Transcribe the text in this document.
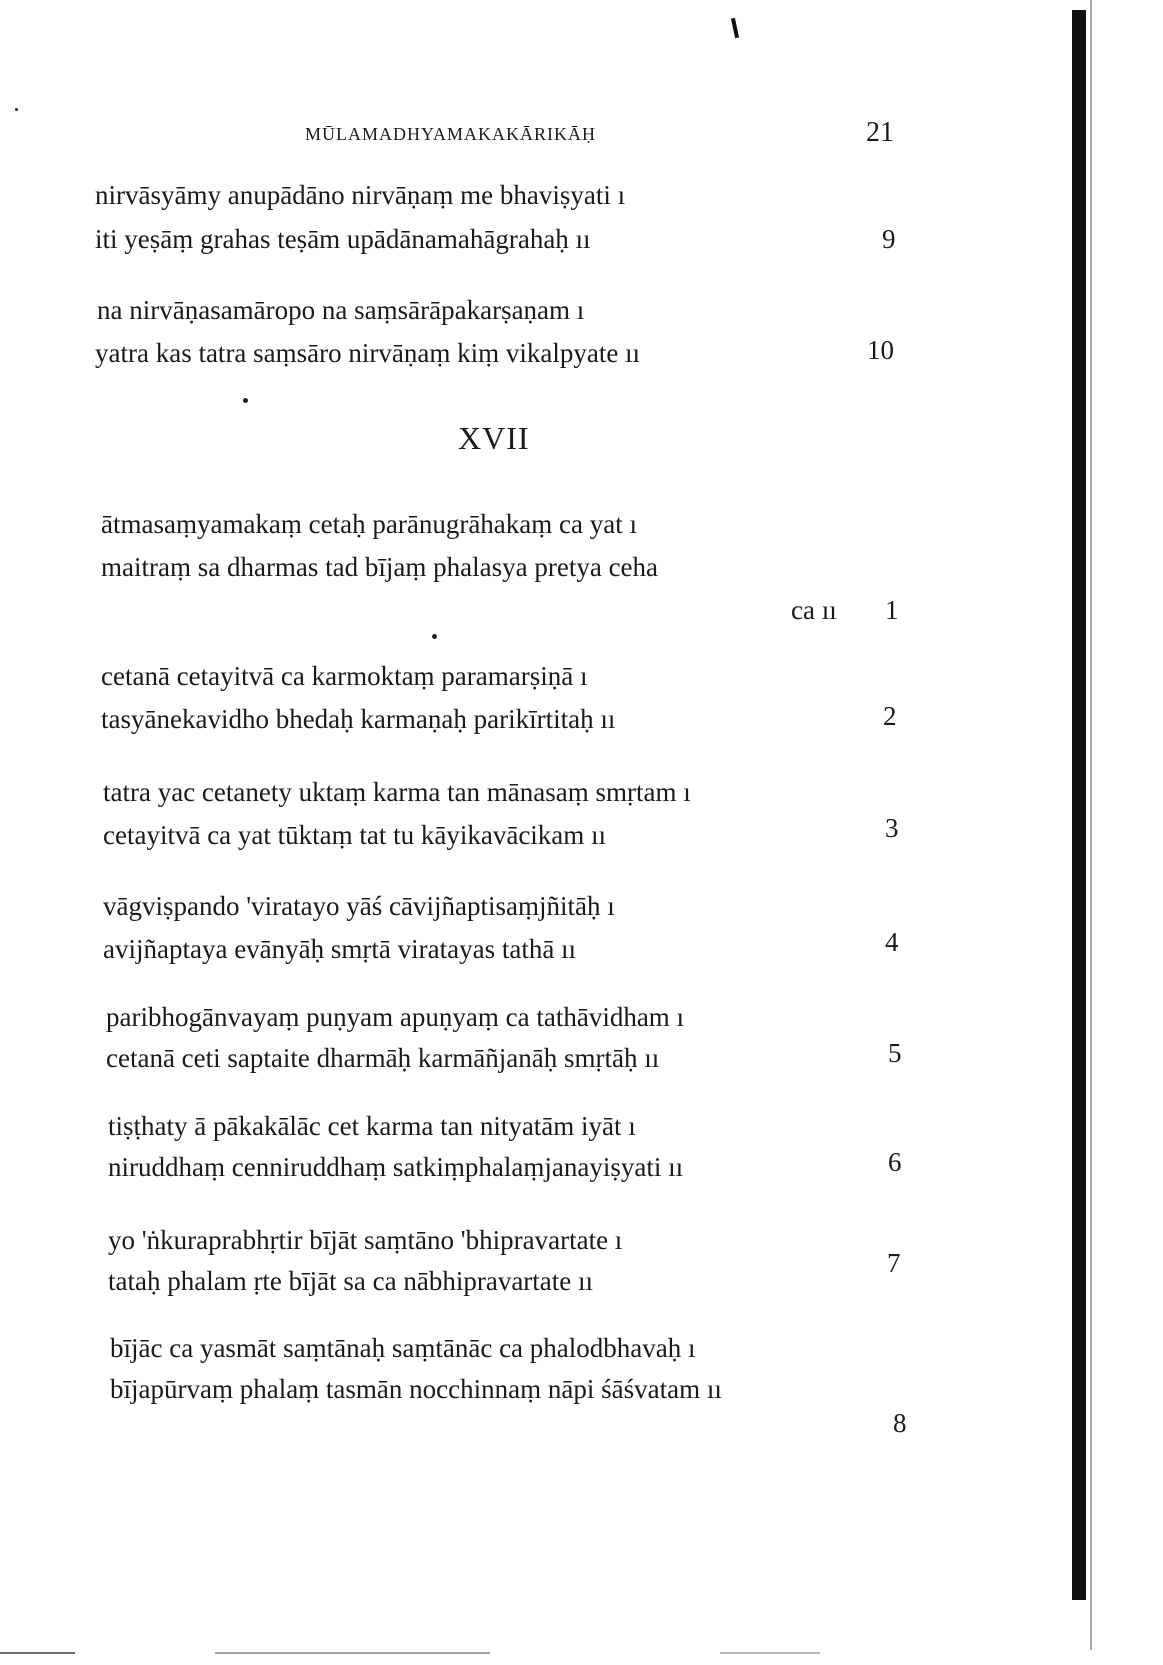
MŪLAMADHYAMAKAKĀRIKĀḤ	21
nirvāsyāmy anupādāno nirvāṇaṃ me bhaviṣyati ı
iti yeṣāṃ grahas teṣām upādānamahāgrahaḥ ıı	9
na nirvāṇasamāropo na saṃsārāpakarṣaṇam ı
yatra kas tatra saṃsāro nirvāṇaṃ kiṃ vikalpyate ıı	10
XVII
ātmasaṃyamakaṃ cetaḥ parānugrāhakaṃ ca yat ı
maitraṃ sa dharmas tad bījaṃ phalasya pretya ceha
ca ıı 1
cetanā cetayitvā ca karmoktaṃ paramarṣiṇā ı
tasyānekavidho bhedaḥ karmaṇaḥ parikīrtitaḥ ıı	2
tatra yac cetanety uktaṃ karma tan mānasaṃ smṛtam ı
cetayitvā ca yat tūktaṃ tat tu kāyikavācikam ıı	3
vāgviṣpando 'viratayo yāś cāvijñaptisaṃjñitāḥ ı
avijñaptaya evānyāḥ smṛtā viratayas tathā ıı	4
paribhogānvayaṃ puṇyam apuṇyaṃ ca tathāvidham ı
cetanā ceti saptaite dharmāḥ karmāñjanāḥ smṛtāḥ ıı	5
tiṣṭhaty ā pākakālāc cet karma tan nityatām iyāt ı
niruddhaṃ cenniruddhaṃ satkiṃphalaṃjanayiṣyati ıı	6
yo 'ṅkuraprabhṛtir bījāt saṃtāno 'bhipravartate ı
tataḥ phalam ṛte bījāt sa ca nābhipravartate ıı
7
bījāc ca yasmāt saṃtānaḥ saṃtānāc ca phalodbhavaḥ ı
bījapūrvaṃ phalaṃ tasmān nocchinnaṃ nāpi śāśvatam ıı
8
